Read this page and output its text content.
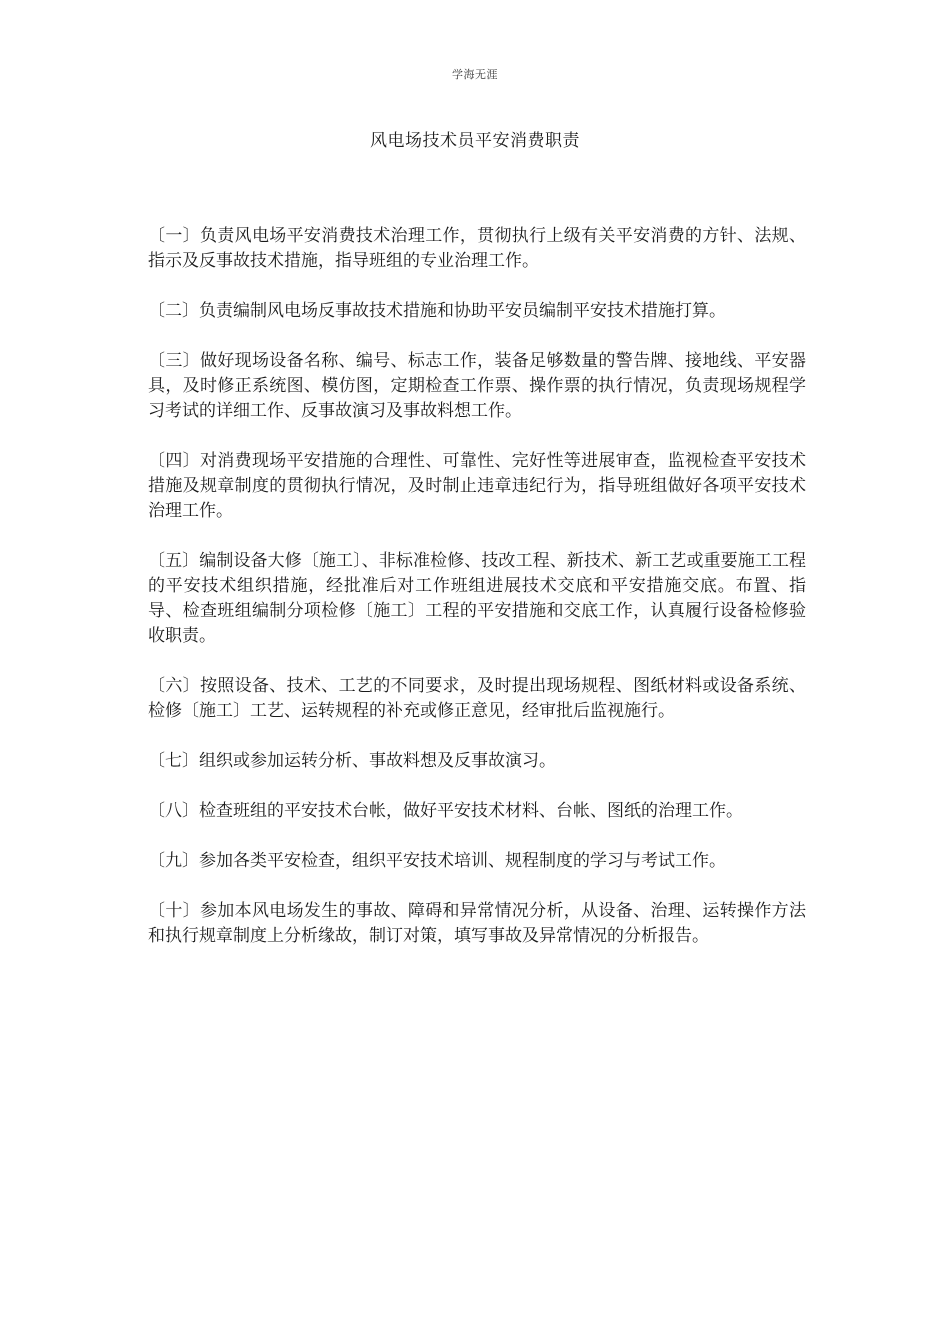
学海无涯
风电场技术员平安消费职责

〔一〕负责风电场平安消费技术治理工作，贯彻执行上级有关平安消费的方针、法规、指示及反事故技术措施，指导班组的专业治理工作。

〔二〕负责编制风电场反事故技术措施和协助平安员编制平安技术措施打算。

〔三〕做好现场设备名称、编号、标志工作，装备足够数量的警告牌、接地线、平安器具，及时修正系统图、模仿图，定期检查工作票、操作票的执行情况，负责现场规程学习考试的详细工作、反事故演习及事故料想工作。

〔四〕对消费现场平安措施的合理性、可靠性、完好性等进展审查，监视检查平安技术措施及规章制度的贯彻执行情况，及时制止违章违纪行为，指导班组做好各项平安技术治理工作。

〔五〕编制设备大修〔施工〕、非标准检修、技改工程、新技术、新工艺或重要施工工程的平安技术组织措施，经批准后对工作班组进展技术交底和平安措施交底。布置、指导、检查班组编制分项检修〔施工〕工程的平安措施和交底工作，认真履行设备检修验收职责。

〔六〕按照设备、技术、工艺的不同要求，及时提出现场规程、图纸材料或设备系统、检修〔施工〕工艺、运转规程的补充或修正意见，经审批后监视施行。

〔七〕组织或参加运转分析、事故料想及反事故演习。

〔八〕检查班组的平安技术台帐，做好平安技术材料、台帐、图纸的治理工作。

〔九〕参加各类平安检查，组织平安技术培训、规程制度的学习与考试工作。

〔十〕参加本风电场发生的事故、障碍和异常情况分析，从设备、治理、运转操作方法和执行规章制度上分析缘故，制订对策，填写事故及异常情况的分析报告。
